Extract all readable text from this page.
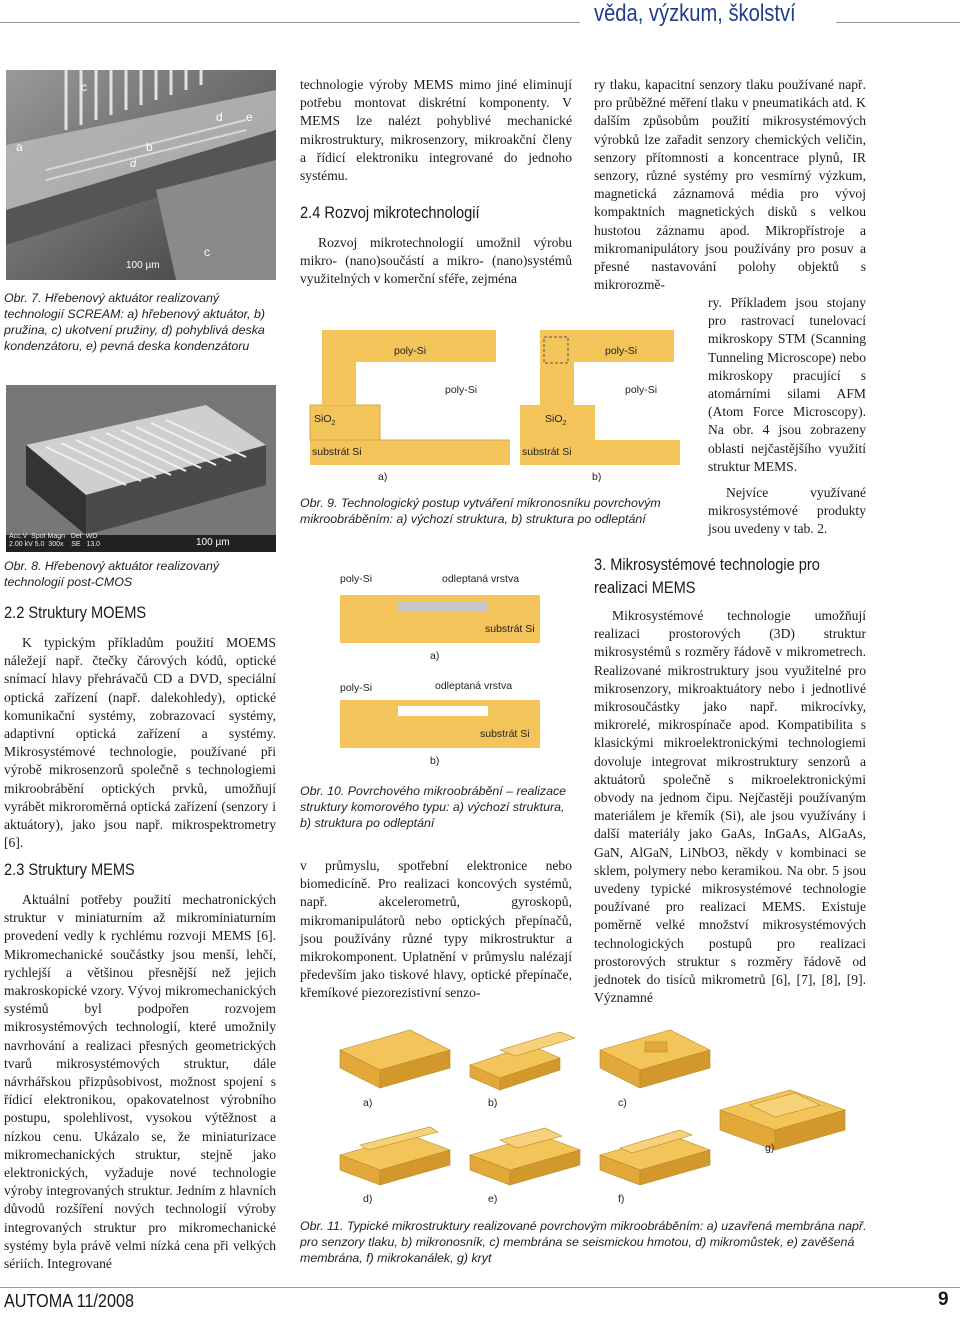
věda, výzkum, školství
a	b
c
c
d e
d
100 µm
Obr. 7. Hřebenový aktuátor realizovaný technologií SCREAM: a) hřebenový aktuátor, b) pružina, c) ukotvení pružiny, d) pohyblivá deska kondenzátoru, e) pevná deska kondenzátoru
Acc.V  Spot Magn   Det  WD
2.00 kV 5.0  300x    SE   13.0	100 µm
Obr. 8. Hřebenový aktuátor realizovaný technologií post-CMOS
2.2 Struktury MOEMS

K typickým příkladům použití MOEMS náležejí např. čtečky čárových kódů, optické snímací hlavy přehrávačů CD a DVD, speciální optická zařízení (např. dalekohledy), optické komunikační systémy, zobrazovací systémy, adaptivní optická zařízení a systémy. Mikrosystémové technologie, používané při výrobě mikrosenzorů společně s technologiemi mikroobrábění optických prvků, umožňují vyrábět mikroroměrná optická zařízení (senzory i aktuátory), jako jsou např. mikrospektrometry [6].

2.3 Struktury MEMS

Aktuální potřeby použití mechatronických struktur v miniaturním až mikrominiaturním provedení vedly k rychlému rozvoji MEMS [6]. Mikromechanické součástky jsou menší, lehčí, rychlejší a většinou přesnější než jejich makroskopické vzory. Vývoj mikromechanických systémů byl podpořen rozvojem mikrosystémových technologií, které umožnily navrhování a realizaci přesných geometrických tvarů mikrosystémových struktur, dále návrhářskou přizpůsobivost, možnost spojení s řídicí elektronikou, opakovatelnost výrobního postupu, spolehlivost, vysokou výtěžnost a nízkou cenu. Ukázalo se, že miniaturizace mikromechanických struktur, stejně jako elektronických, vyžaduje nové technologie výroby integrovaných struktur. Jedním z hlavních důvodů rozšíření nových technologií výroby integrovaných struktur pro mikromechanické systémy byla právě velmi nízká cena při velkých sériích. Integrované

technologie výroby MEMS mimo jiné eliminují potřebu montovat diskrétní komponenty. V MEMS lze nalézt pohyblivé mechanické mikrostruktury, mikrosenzory, mikroakční členy a řídicí elektroniku integrované do jednoho systému.

2.4 Rozvoj mikrotechnologií

Rozvoj mikrotechnologií umožnil výrobu mikro- (nano)součástí a mikro- (nano)systémů využitelných v komerční sféře, zejména

poly-Si
poly-Si
SiO$_2$
substrát Si
a)
poly-Si
poly-Si
SiO$_2$
substrát Si
b)
Obr. 9. Technologický postup vytváření mikronosníku povrchovým mikroobráběním: a) výchozí struktura, b) struktura po odleptání

ry tlaku, kapacitní senzory tlaku používané např. pro průběžné měření tlaku v pneumatikách atd. K dalším způsobům použití mikrosystémových výrobků lze zařadit senzory chemických veličin, senzory přítomnosti a koncentrace plynů, IR senzory, různé systémy pro vesmírný výzkum, magnetická záznamová média pro vývoj kompaktních magnetických disků s velkou hustotou záznamu apod. Mikropřístroje a mikromanipulátory jsou používány pro posuv a přesné nastavování polohy objektů s mikrorozmě-

ry. Příkladem jsou stojany pro rastrovací tunelovací mikroskopy STM (Scanning Tunneling Microscope) nebo mikroskopy pracující s atomárními silami AFM (Atom Force Microscopy). Na obr. 4 jsou zobrazeny oblasti nejčastějšího využití struktur MEMS.

Nejvíce využívané mikrosystémové produkty jsou uvedeny v tab. 2.

poly-Si	odleptaná vrstva
substrát Si
a)
poly-Si	odleptaná vrstva
substrát Si
b)
Obr. 10. Povrchového mikroobrábění – realizace struktury komorového typu: a) výchozí struktura, b) struktura po odleptání

v průmyslu, spotřební elektronice nebo biomedicíně. Pro realizaci koncových systémů, např. akcelerometrů, gyroskopů, mikromanipulátorů nebo optických přepínačů, jsou používány různé typy mikrostruktur a mikrokomponent. Uplatnění v průmyslu nalézají především jako tiskové hlavy, optické přepínače, křemíkové piezorezistivní senzo-

3. Mikrosystémové technologie pro
realizaci MEMS

Mikrosystémové technologie umožňují realizaci prostorových (3D) struktur mikrosystémů s rozměry řádově v mikrometrech. Realizované mikrostruktury jsou využitelné pro mikrosenzory, mikroaktuátory nebo i jednotlivé mikrosoučástky jako např. mikrocívky, mikrorelé, mikrospínače apod. Kompatibilita s klasickými mikroelektronickými technologiemi dovoluje integrovat mikrostruktury senzorů a aktuátorů společně s mikroelektronickými obvody na jednom čipu. Nejčastěji používaným materiálem je křemík (Si), ale jsou využívány i další materiály jako GaAs, InGaAs, AlGaAs, GaN, AlGaN, LiNbO3, někdy v kombinaci se sklem, polymery nebo keramikou. Na obr. 5 jsou uvedeny typické mikrosystémové technologie používané pro realizaci MEMS. Existuje poměrně velké množství mikrosystémových technologických postupů pro realizaci prostorových struktur s rozměry řádově od jednotek do tisíců mikrometrů [6], [7], [8], [9]. Významné

a)	b)	c)
g)
d)	e)	f)
Obr. 11. Typické mikrostruktury realizované povrchovým mikroobráběním: a) uzavřená membrána např. pro senzory tlaku, b) mikronosník, c) membrána se seismickou hmotou, d) mikromůstek, e) zavěšená membrána, f) mikrokanálek, g) kryt
AUTOMA 11/2008	9
